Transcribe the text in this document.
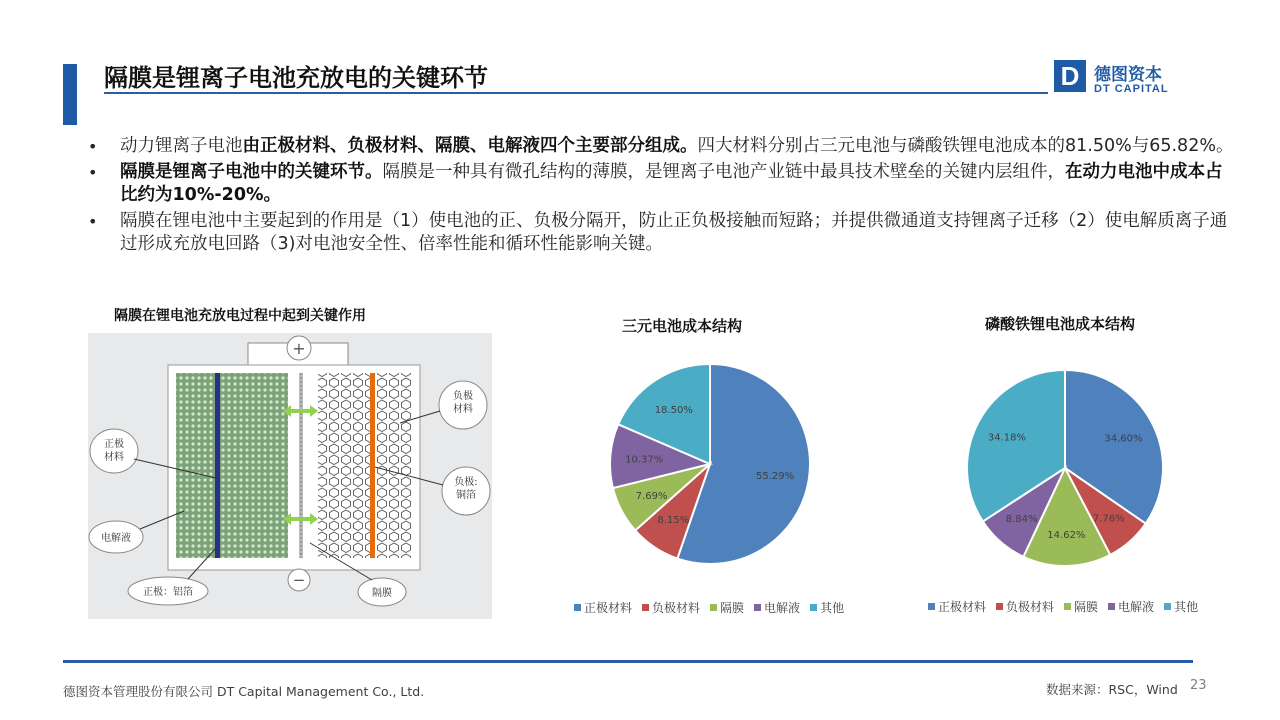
隔膜是锂离子电池充放电的关键环节	D 德图资本
DT CAPITAL
• 动力锂离子电池由正极材料、负极材料、隔膜、电解液四个主要部分组成。四大材料分别占三元电池与磷酸铁锂电池成本的81.50%与65.82%。
• 隔膜是锂离子电池中的关键环节。隔膜是一种具有微孔结构的薄膜，是锂离子电池产业链中最具技术壁垒的关键内层组件，在动力电池中成本占比约为10%-20%。
• 隔膜在锂电池中主要起到的作用是（1）使电池的正、负极分隔开，防止正负极接触而短路；并提供微通道支持锂离子迁移（2）使电解质离子通过形成充放电回路（3)对电池安全性、倍率性能和循环性能影响关键。
隔膜在锂电池充放电过程中起到关键作用
+
−
正极
材料
电解液
正极：铝箔
负极
材料
负极:
铜箔
隔膜
三元电池成本结构
55.29%
8.15%
7.69%
10.37%
18.50%
正极材料 负极材料 隔膜 电解液 其他
磷酸铁锂电池成本结构
34.60%
7.76%
14.62%
8.84%
34.18%
正极材料 负极材料 隔膜 电解液 其他
德图资本管理股份有限公司 DT Capital Management Co., Ltd.	数据来源：RSC，Wind 23
